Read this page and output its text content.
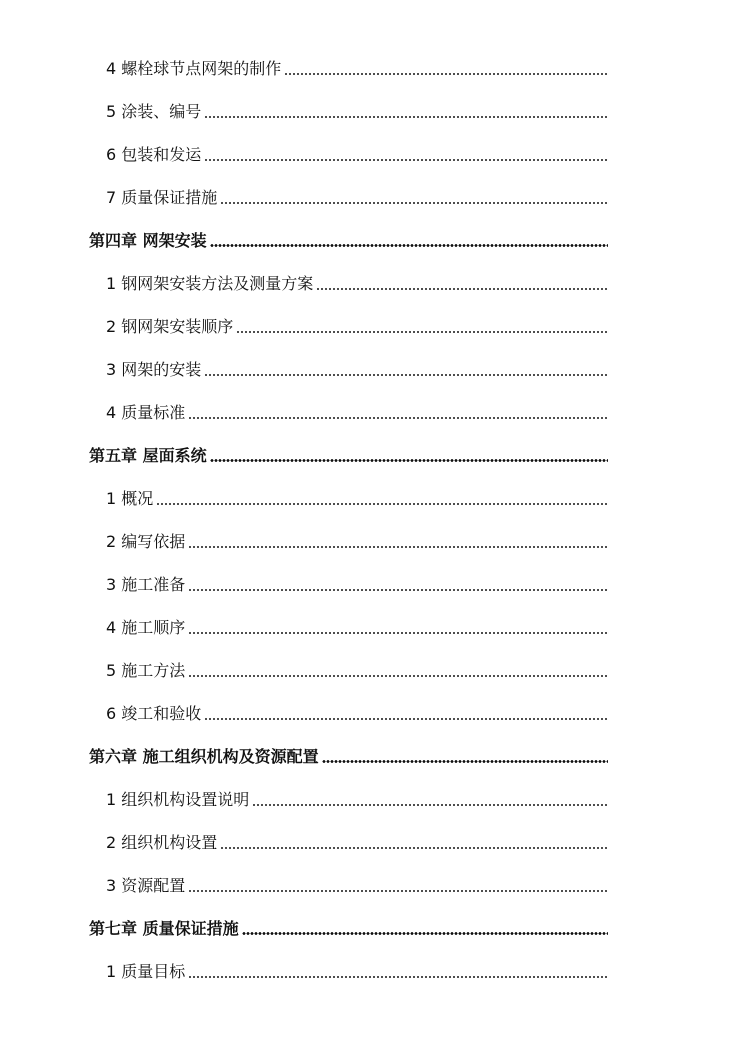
4 螺栓球节点网架的制作
5 涂装、编号
6 包装和发运
7 质量保证措施
第四章 网架安装
1 钢网架安装方法及测量方案
2 钢网架安装顺序
3 网架的安装
4 质量标准
第五章 屋面系统
1 概况
2 编写依据
3 施工准备
4 施工顺序
5 施工方法
6 竣工和验收
第六章 施工组织机构及资源配置
1 组织机构设置说明
2 组织机构设置
3 资源配置
第七章 质量保证措施
1 质量目标
